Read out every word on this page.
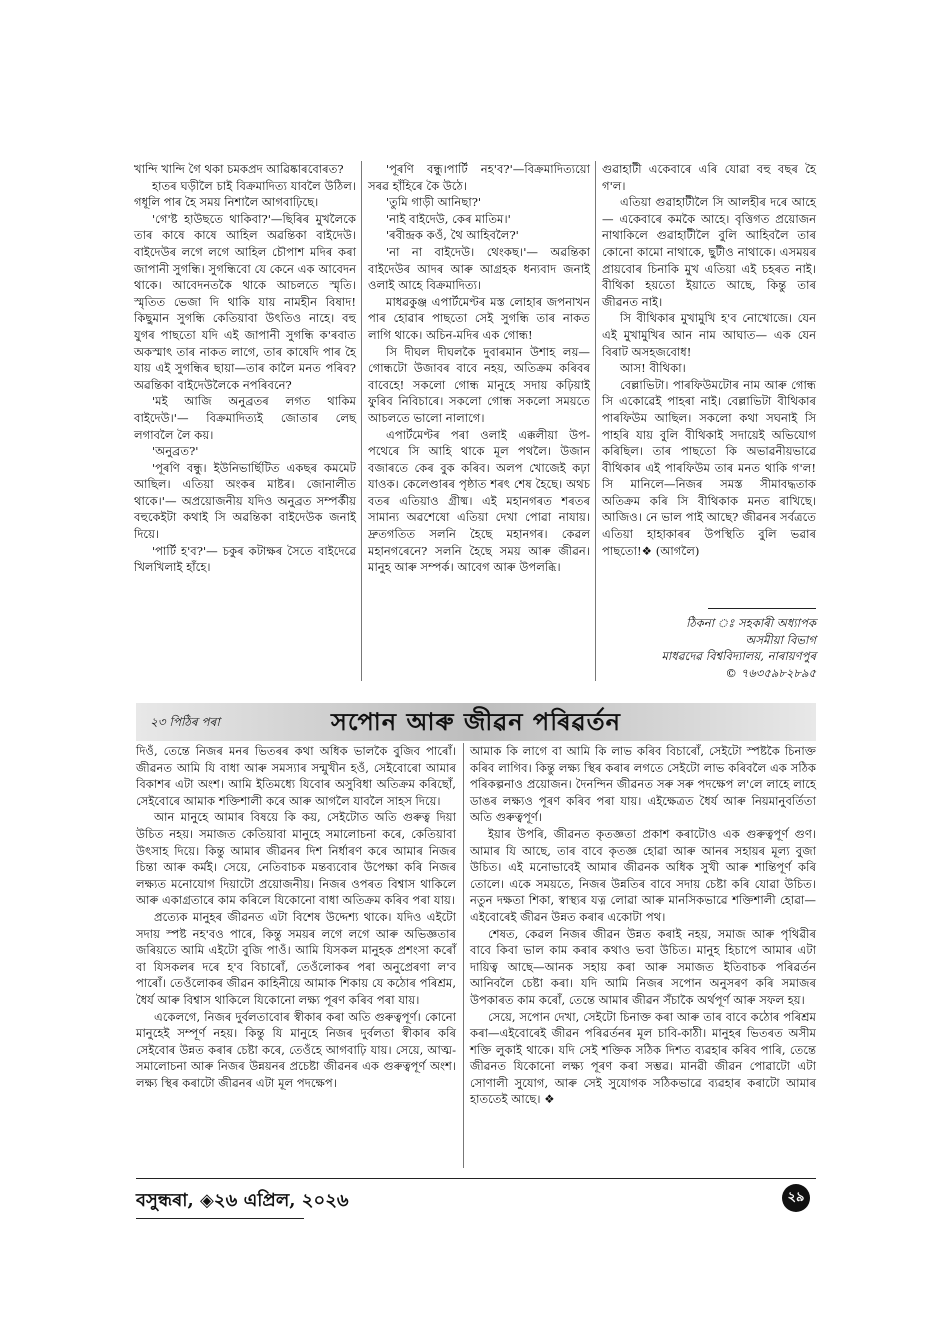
খান্দি খান্দি গৈ থকা চমকপ্ৰদ আৱিষ্কাৰবোৰত?

হাতৰ ঘড়ীলৈ চাই বিক্ৰমাদিত্য যাবলৈ উঠিল। গধূলি পাৰ হৈ সময় নিশালৈ আগবাঢ়িছে।

'গে'ষ্ট হাউছতে থাকিবা?'—ছিৰিৰ মুখলৈকে তাৰ কাষে কাষে আহিল অৱন্তিকা বাইদেউ। বাইদেউৰ লগে লগে আহিল চৌপাশ মদিৰ কৰা জাপানী সুগন্ধি। সুগন্ধিবো যে কেনে এক আবেদন থাকে। আবেদনতকৈ থাকে আচলতে স্মৃতি। স্মৃতিত ভেজা দি থাকি যায় নামহীন বিষাদ! কিছুমান সুগন্ধি কেতিয়াবা উৎতিও নাহে। বহু যুগৰ পাছতো যদি এই জাপানী সুগন্ধি ক'ৰবাত অকস্মাৎ তাৰ নাকত লাগে, তাৰ কাষেদি পাৰ হৈ যায় এই সুগন্ধিৰ ছায়া—তাৰ কালৈ মনত পৰিব? অৱন্তিকা বাইদেউলৈকে নপৰিবনে?

'মই আজি অনুব্ৰতৰ লগত থাকিম বাইদেউ।'— বিক্ৰমাদিত্যই জোতাৰ লেছ লগাবলৈ লৈ কয়।

'অনুব্ৰত?'

'পূৰণি বন্ধু। ইউনিভাৰ্ছিটিত একছৰ কমমেট আছিল। এতিয়া অংকৰ মাষ্টৰ। জোনালীত থাকে।'— অপ্ৰয়োজনীয় যদিও অনুব্ৰত সম্পৰ্কীয় বহুকেইটা কথাই সি অৱন্তিকা বাইদেউক জনাই দিয়ে।

'পাৰ্টি হ'ব?'— চকুৰ কটাক্ষৰ সৈতে বাইদেৱে খিলখিলাই হাঁহে।

'পূৰণি বন্ধু।পাৰ্টি নহ'ব?'—বিক্ৰমাদিত্যয়ো সৰৱ হাঁহিৰে কৈ উঠে।

'তুমি গাড়ী আনিছা?'

'নাই বাইদেউ, কেৰ মাতিম।'

'ৰবীন্দ্ৰক কওঁ, থৈ আহিবলৈ?'

'না না বাইদেউ। থেংকছ।'— অৱন্তিকা বাইদেউৰ আদৰ আৰু আগ্ৰহক ধন্যবাদ জনাই ওলাই আহে বিক্ৰমাদিত্য।

মাধৱকুঞ্জ এপাৰ্টমেণ্টৰ মস্ত লোহাৰ জপনাখন পাৰ হোৱাৰ পাছতো সেই সুগন্ধি তাৰ নাকত লাগি থাকে। অচিন-মদিৰ এক গোন্ধ!

সি দীঘল দীঘলকৈ দুবাৰমান উশাহ লয়—গোন্ধটো উজাবৰ বাবে নহয়, অতিক্ৰম কৰিবৰ বাবেহে! সকলো গোন্ধ মানুহে সদায় কঢ়িয়াই ফুৰিব নিবিচাৰে। সকলো গোন্ধ সকলো সময়তে আচলতে ভালো নালাগে।

এপাৰ্টমেণ্টৰ পৰা ওলাই এক্কলীয়া উপ-পথেৰে সি আহি থাকে মূল পথলৈ। উজান বজাৰতে কেৰ বুক কৰিব। অলপ খোজেই কঢ়া যাওক। কেলেণ্ডাৰৰ পৃষ্ঠাত শৰৎ শেষ হৈছে। অথচ বতৰ এতিয়াও গ্ৰীষ্ম। এই মহানগৰত শৰতৰ সামান্য অৱশেষো এতিয়া দেখা পোৱা নাযায়। দ্ৰুতগতিত সলনি হৈছে মহানগৰ। কেৱল মহানগৰেনে? সলনি হৈছে সময় আৰু জীৱন। মানুহ আৰু সম্পৰ্ক। আবেগ আৰু উপলব্ধি।

গুৱাহাটী একেবাৰে এৰি যোৱা বহু বছৰ হৈ গ'ল।

এতিয়া গুৱাহাটীলৈ সি আলহীৰ দৰে আহে— একেবাৰে কমকৈ আহে। বৃত্তিগত প্ৰয়োজন নাথাকিলে গুৱাহাটীলৈ বুলি আহিবলৈ তাৰ কোনো কামো নাথাকে, ছুটীও নাথাকে। এসময়ৰ প্ৰায়বোৰ চিনাকি মুখ এতিয়া এই চহৰত নাই। বীথিকা হয়তো ইয়াতে আছে, কিন্তু তাৰ জীৱনত নাই।

সি বীথিকাৰ মুখামুখি হ'ব নোখোজে। যেন এই মুখামুখিৰ আন নাম আঘাত— এক যেন বিৰাট অসহজবোধ!

আস! বীথিকা।

বেল্লাভিটা। পাৰফিউমটোৰ নাম আৰু গোন্ধ সি একোৱেই পাহৰা নাই। বেল্লাভিটা বীথিকাৰ পাৰফিউম আছিল। সকলো কথা সঘনাই সি পাহৰি যায় বুলি বীথিকাই সদায়েই অভিযোগ কৰিছিল। তাৰ পাছতো কি অভাৱনীয়ভাৱে বীথিকাৰ এই পাৰফিউম তাৰ মনত থাকি গ'ল! সি মানিলে—নিজৰ সমস্ত সীমাবদ্ধতাক অতিক্ৰম কৰি সি বীথিকাক মনত ৰাখিছে। আজিও। নে ভাল পাই আছে? জীৱনৰ সৰ্বত্ৰতে এতিয়া হাহাকাৰৰ উপস্থিতি বুলি ভৱাৰ পাছতো!❖ (আগলৈ)

ঠিকনা ঃ সহকাৰী অধ্যাপক
অসমীয়া বিভাগ
মাধৱদেৱ বিশ্ববিদ্যালয়, নাৰায়ণপুৰ
© ৭৬৩৫৯৮২৮৯৫
২৩ পিঠিৰ পৰা	সপোন আৰু জীৱন পৰিৱৰ্তন

দিওঁ, তেন্তে নিজৰ মনৰ ভিতৰৰ কথা অধিক ভালকৈ বুজিব পাৰোঁ। জীৱনত আমি যি বাধা আৰু সমস্যাৰ সন্মুখীন হওঁ, সেইবোৰো আমাৰ বিকাশৰ এটা অংশ। আমি ইতিমধ্যে যিবোৰ অসুবিধা অতিক্ৰম কৰিছোঁ, সেইবোৰে আমাক শক্তিশালী কৰে আৰু আগলৈ যাবলৈ সাহস দিয়ে।

আন মানুহে আমাৰ বিষয়ে কি কয়, সেইটোত অতি গুৰুত্ব দিয়া উচিত নহয়। সমাজত কেতিয়াবা মানুহে সমালোচনা কৰে, কেতিয়াবা উৎসাহ দিয়ে। কিন্তু আমাৰ জীৱনৰ দিশ নিৰ্ধাৰণ কৰে আমাৰ নিজৰ চিন্তা আৰু কৰ্মই। সেয়ে, নেতিবাচক মন্তব্যবোৰ উপেক্ষা কৰি নিজৰ লক্ষ্যত মনোযোগ দিয়াটো প্ৰয়োজনীয়। নিজৰ ওপৰত বিশ্বাস থাকিলে আৰু একাগ্ৰতাৰে কাম কৰিলে যিকোনো বাধা অতিক্ৰম কৰিব পৰা যায়।

প্ৰত্যেক মানুহৰ জীৱনত এটা বিশেষ উদ্দেশ্য থাকে। যদিও এইটো সদায় স্পষ্ট নহ'বও পাৰে, কিন্তু সময়ৰ লগে লগে আৰু অভিজ্ঞতাৰ জৰিয়তে আমি এইটো বুজি পাওঁ। আমি যিসকল মানুহক প্ৰশংসা কৰোঁ বা যিসকলৰ দৰে হ'ব বিচাৰোঁ, তেওঁলোকৰ পৰা অনুপ্ৰেৰণা ল'ব পাৰোঁ। তেওঁলোকৰ জীৱন কাহিনীয়ে আমাক শিকায় যে কঠোৰ পৰিশ্ৰম, ধৈৰ্য আৰু বিশ্বাস থাকিলে যিকোনো লক্ষ্য পূৰণ কৰিব পৰা যায়।

একেলগে, নিজৰ দুৰ্বলতাবোৰ স্বীকাৰ কৰা অতি গুৰুত্বপূৰ্ণ। কোনো মানুহেই সম্পূৰ্ণ নহয়। কিন্তু যি মানুহে নিজৰ দুৰ্বলতা স্বীকাৰ কৰি সেইবোৰ উন্নত কৰাৰ চেষ্টা কৰে, তেওঁহে আগবাঢ়ি যায়। সেয়ে, আত্ম-সমালোচনা আৰু নিজৰ উন্নয়নৰ প্ৰচেষ্টা জীৱনৰ এক গুৰুত্বপূৰ্ণ অংশ। লক্ষ্য স্থিৰ কৰাটো জীৱনৰ এটা মূল পদক্ষেপ।

আমাক কি লাগে বা আমি কি লাভ কৰিব বিচাৰোঁ, সেইটো স্পষ্টকৈ চিনাক্ত কৰিব লাগিব। কিন্তু লক্ষ্য স্থিৰ কৰাৰ লগতে সেইটো লাভ কৰিবলৈ এক সঠিক পৰিকল্পনাও প্ৰয়োজন। দৈনন্দিন জীৱনত সৰু সৰু পদক্ষেপ ল'লে লাহে লাহে ডাঙৰ লক্ষ্যও পূৰণ কৰিব পৰা যায়। এইক্ষেত্ৰত ধৈৰ্য আৰু নিয়মানুবৰ্তিতা অতি গুৰুত্বপূৰ্ণ।

ইয়াৰ উপৰি, জীৱনত কৃতজ্ঞতা প্ৰকাশ কৰাটোও এক গুৰুত্বপূৰ্ণ গুণ। আমাৰ যি আছে, তাৰ বাবে কৃতজ্ঞ হোৱা আৰু আনৰ সহায়ৰ মূল্য বুজা উচিত। এই মনোভাবেই আমাৰ জীৱনক অধিক সুখী আৰু শান্তিপূৰ্ণ কৰি তোলে। একে সময়তে, নিজৰ উন্নতিৰ বাবে সদায় চেষ্টা কৰি যোৱা উচিত। নতুন দক্ষতা শিকা, স্বাস্থ্যৰ যত্ন লোৱা আৰু মানসিকভাৱে শক্তিশালী হোৱা—এইবোৰেই জীৱন উন্নত কৰাৰ একোটা পথ।

শেষত, কেৱল নিজৰ জীৱন উন্নত কৰাই নহয়, সমাজ আৰু পৃথিৱীৰ বাবে কিবা ভাল কাম কৰাৰ কথাও ভবা উচিত। মানুহ হিচাপে আমাৰ এটা দায়িত্ব আছে—আনক সহায় কৰা আৰু সমাজত ইতিবাচক পৰিৱৰ্তন আনিবলৈ চেষ্টা কৰা। যদি আমি নিজৰ সপোন অনুসৰণ কৰি সমাজৰ উপকাৰত কাম কৰোঁ, তেন্তে আমাৰ জীৱন সঁচাকৈ অৰ্থপূৰ্ণ আৰু সফল হয়।

সেয়ে, সপোন দেখা, সেইটো চিনাক্ত কৰা আৰু তাৰ বাবে কঠোৰ পৰিশ্ৰম কৰা—এইবোৰেই জীৱন পৰিৱৰ্তনৰ মূল চাবি-কাঠী। মানুহৰ ভিতৰত অসীম শক্তি লুকাই থাকে। যদি সেই শক্তিক সঠিক দিশত ব্যৱহাৰ কৰিব পাৰি, তেন্তে জীৱনত যিকোনো লক্ষ্য পূৰণ কৰা সম্ভৱ। মানৱী জীৱন পোৱাটো এটা সোণালী সুযোগ, আৰু সেই সুযোগক সঠিকভাৱে ব্যৱহাৰ কৰাটো আমাৰ হাততেই আছে। ❖

বসুন্ধৰা, ◈২৬ এপ্ৰিল, ২০২৬	২৯
